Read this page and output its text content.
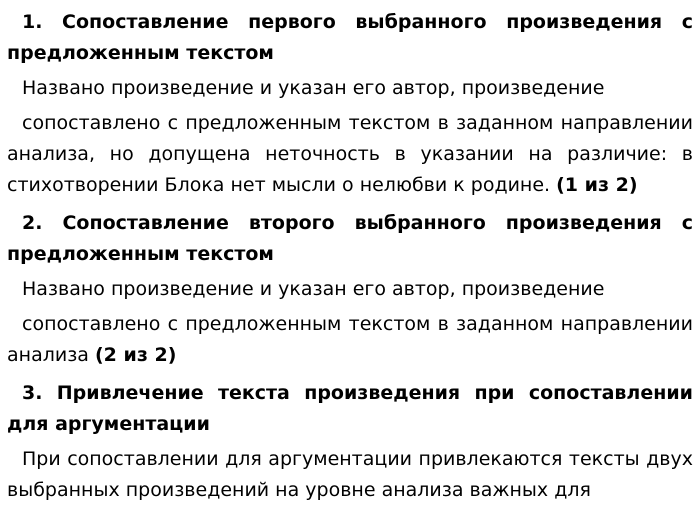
1. Сопоставление первого выбранного произведения с предложенным текстом

Названо произведение и указан его автор, произведение

сопоставлено с предложенным текстом в заданном направлении анализа, но допущена неточность в указании на различие: в стихотворении Блока нет мысли о нелюбви к родине. (1 из 2)

2. Сопоставление второго выбранного произведения с предложенным текстом

Названо произведение и указан его автор, произведение

сопоставлено с предложенным текстом в заданном направлении анализа (2 из 2)

3. Привлечение текста произведения при сопоставлении для аргументации

При сопоставлении для аргументации привлекаются тексты двух выбранных произведений на уровне анализа важных для
